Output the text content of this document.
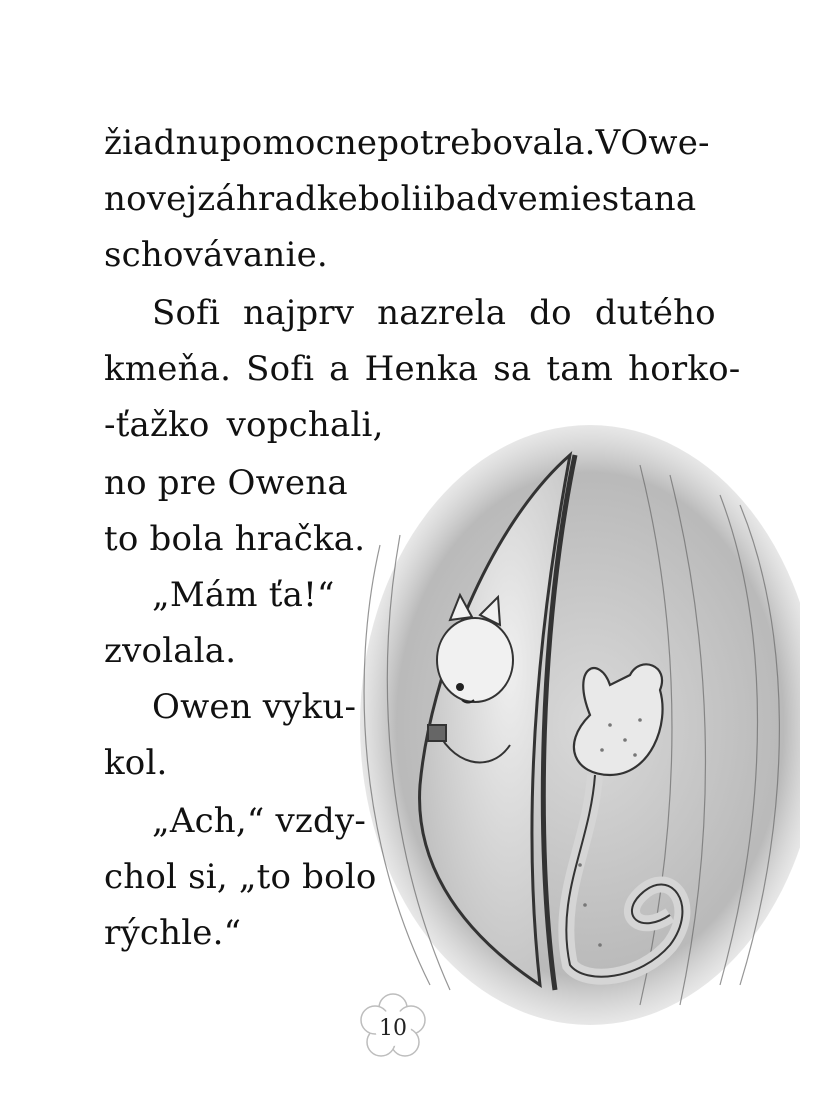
žiadnu pomoc nepotrebovala. V Owe-
novej záhradke boli iba dve miesta na
schovávanie.
Sofi najprv nazrela do dutého
kmeňa. Sofi a Henka sa tam horko-
-ťažko vopchali,
no pre Owena
to bola hračka.
„Mám ťa!“
zvolala.
Owen vyku-
kol.
„Ach,“ vzdy-
chol si, „to bolo
rýchle.“
10
